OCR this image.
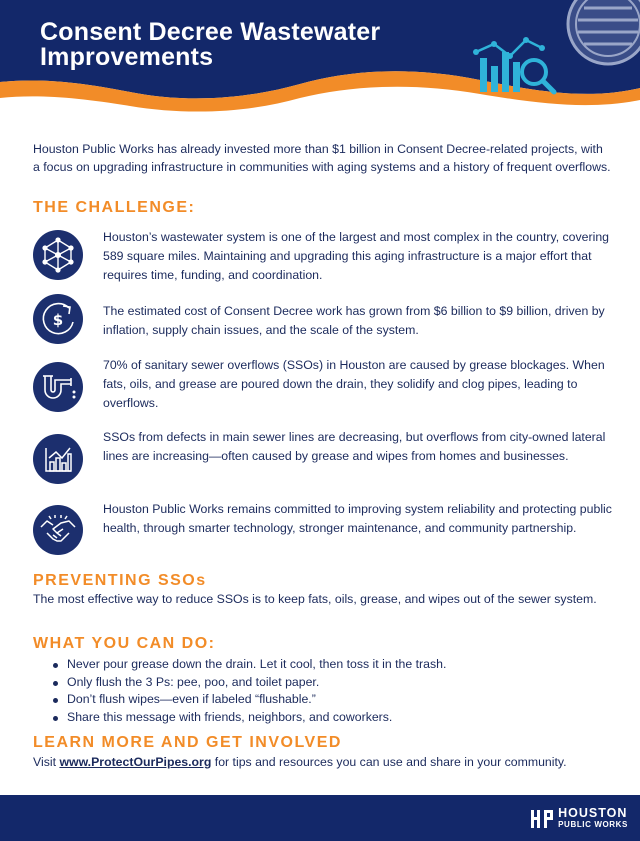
Consent Decree Wastewater
Improvements
Houston Public Works has already invested more than $1 billion in Consent Decree-related projects, with a focus on upgrading infrastructure in communities with aging systems and a history of frequent overflows.
THE CHALLENGE:
Houston’s wastewater system is one of the largest and most complex in the country, covering 589 square miles. Maintaining and upgrading this aging infrastructure is a major effort that requires time, funding, and coordination.
$	The estimated cost of Consent Decree work has grown from $6 billion to $9 billion, driven by inflation, supply chain issues, and the scale of the system.
70% of sanitary sewer overflows (SSOs) in Houston are caused by grease blockages. When fats, oils, and grease are poured down the drain, they solidify and clog pipes, leading to overflows.
SSOs from defects in main sewer lines are decreasing, but overflows from city-owned lateral lines are increasing—often caused by grease and wipes from homes and businesses.
Houston Public Works remains committed to improving system reliability and protecting public health, through smarter technology, stronger maintenance, and community partnership.
PREVENTING SSOs
The most effective way to reduce SSOs is to keep fats, oils, grease, and wipes out of the sewer system.
WHAT YOU CAN DO:
Never pour grease down the drain. Let it cool, then toss it in the trash.
Only flush the 3 Ps: pee, poo, and toilet paper.
Don’t flush wipes—even if labeled “flushable.”
Share this message with friends, neighbors, and coworkers.
LEARN MORE AND GET INVOLVED
Visit www.ProtectOurPipes.org for tips and resources you can use and share in your community.
HOUSTON
PUBLIC WORKS
